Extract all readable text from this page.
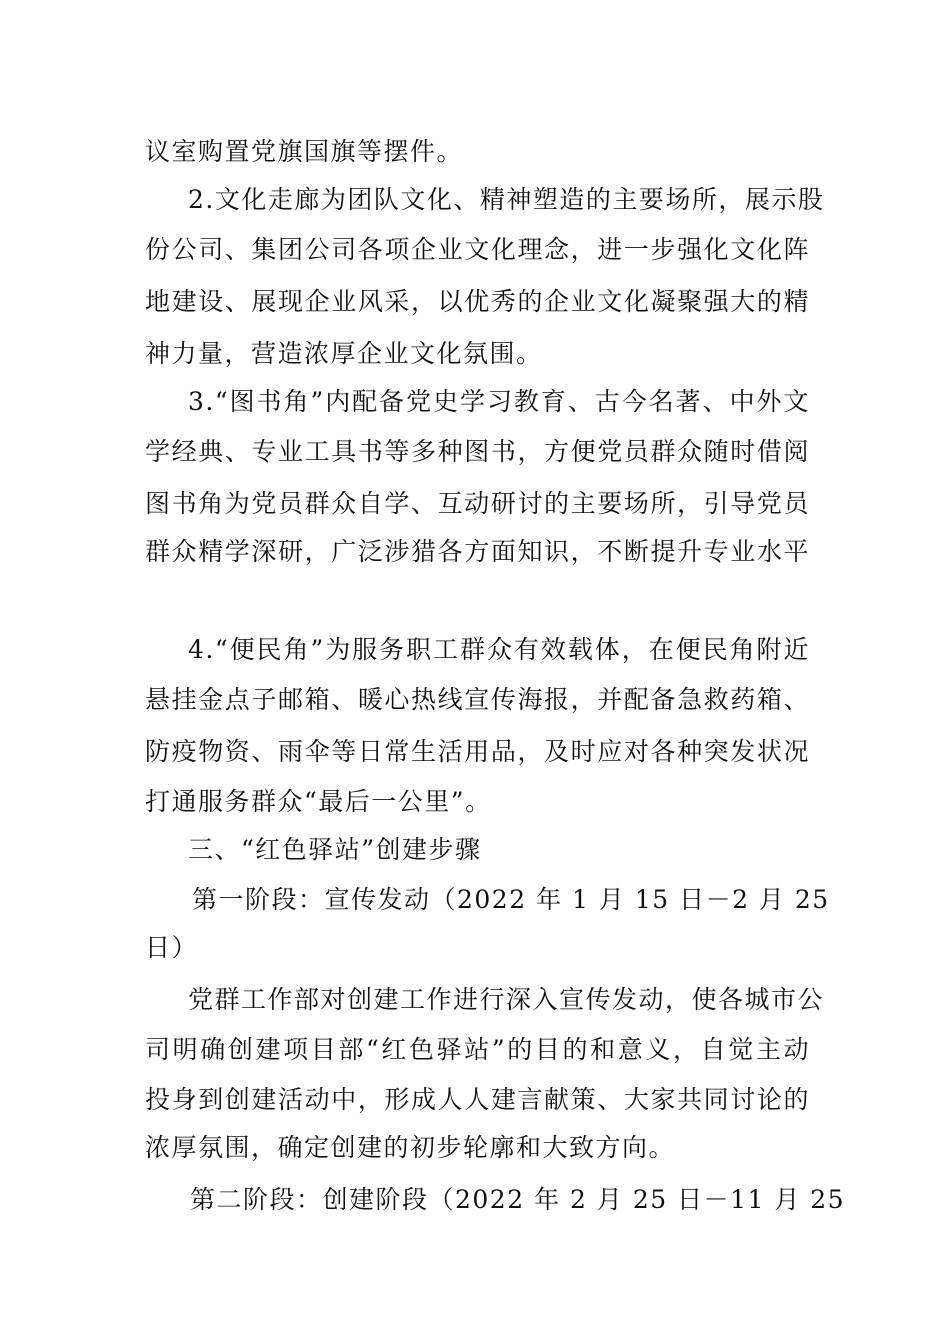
议室购置党旗国旗等摆件。
2.文化走廊为团队文化、精神塑造的主要场所，展示股
份公司、集团公司各项企业文化理念，进一步强化文化阵
地建设、展现企业风采，以优秀的企业文化凝聚强大的精
神力量，营造浓厚企业文化氛围。
3.“图书角”内配备党史学习教育、古今名著、中外文
学经典、专业工具书等多种图书，方便党员群众随时借阅
图书角为党员群众自学、互动研讨的主要场所，引导党员
群众精学深研，广泛涉猎各方面知识，不断提升专业水平
4.“便民角”为服务职工群众有效载体，在便民角附近
悬挂金点子邮箱、暖心热线宣传海报，并配备急救药箱、
防疫物资、雨伞等日常生活用品，及时应对各种突发状况
打通服务群众“最后一公里”。
三、“红色驿站”创建步骤
第一阶段：宣传发动（2022 年 1 月 15 日－2 月 25
日）
党群工作部对创建工作进行深入宣传发动，使各城市公
司明确创建项目部“红色驿站”的目的和意义，自觉主动
投身到创建活动中，形成人人建言献策、大家共同讨论的
浓厚氛围，确定创建的初步轮廓和大致方向。
第二阶段：创建阶段（2022 年 2 月 25 日－11 月 25
